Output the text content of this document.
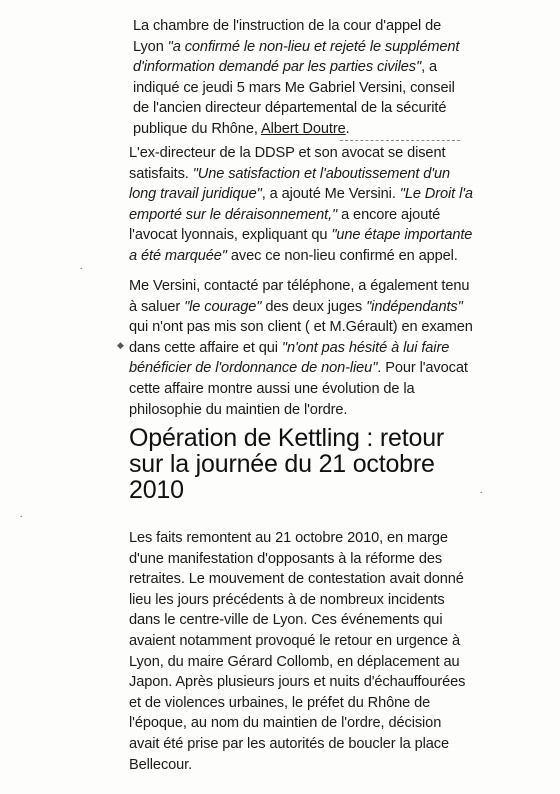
La chambre de l'instruction de la cour d'appel de Lyon "a confirmé le non-lieu et rejeté le supplément d'information demandé par les parties civiles", a indiqué ce jeudi 5 mars Me Gabriel Versini, conseil de l'ancien directeur départemental de la sécurité publique du Rhône, Albert Doutre.

L'ex-directeur de la DDSP et son avocat se disent satisfaits. "Une satisfaction et l'aboutissement d'un long travail juridique", a ajouté Me Versini. "Le Droit l'a emporté sur le déraisonnement," a encore ajouté l'avocat lyonnais, expliquant qu "une étape importante a été marquée" avec ce non-lieu confirmé en appel.

Me Versini, contacté par téléphone, a également tenu à saluer "le courage" des deux juges "indépendants" qui n'ont pas mis son client ( et M.Gérault) en examen dans cette affaire et qui "n'ont pas hésité à lui faire bénéficier de l'ordonnance de non-lieu". Pour l'avocat cette affaire montre aussi une évolution de la philosophie du maintien de l'ordre.

Opération de Kettling : retour sur la journée du 21 octobre 2010

Les faits remontent au 21 octobre 2010, en marge d'une manifestation d'opposants à la réforme des retraites. Le mouvement de contestation avait donné lieu les jours précédents à de nombreux incidents dans le centre-ville de Lyon. Ces événements qui avaient notamment provoqué le retour en urgence à Lyon, du maire Gérard Collomb, en déplacement au Japon. Après plusieurs jours et nuits d'échauffourées et de violences urbaines, le préfet du Rhône de l'époque, au nom du maintien de l'ordre, décision avait été prise par les autorités de boucler la place Bellecour.

◆
•
•
•
